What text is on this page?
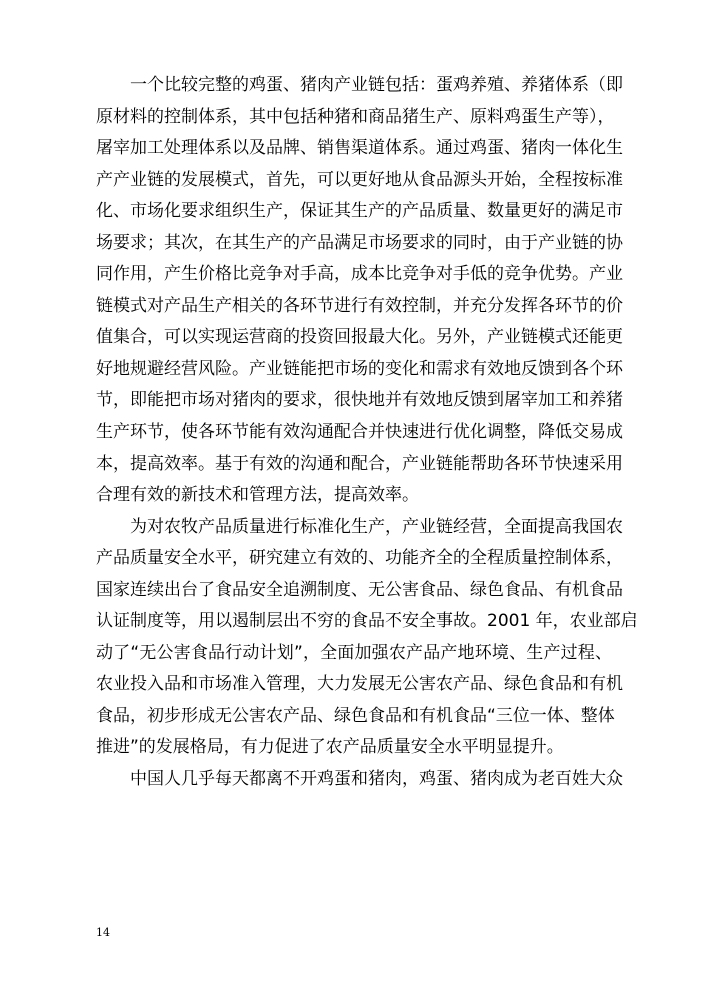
一个比较完整的鸡蛋、猪肉产业链包括：蛋鸡养殖、养猪体系（即
原材料的控制体系，其中包括种猪和商品猪生产、原料鸡蛋生产等），
屠宰加工处理体系以及品牌、销售渠道体系。通过鸡蛋、猪肉一体化生
产产业链的发展模式，首先，可以更好地从食品源头开始，全程按标准
化、市场化要求组织生产，保证其生产的产品质量、数量更好的满足市
场要求；其次，在其生产的产品满足市场要求的同时，由于产业链的协
同作用，产生价格比竞争对手高，成本比竞争对手低的竞争优势。产业
链模式对产品生产相关的各环节进行有效控制，并充分发挥各环节的价
值集合，可以实现运营商的投资回报最大化。另外，产业链模式还能更
好地规避经营风险。产业链能把市场的变化和需求有效地反馈到各个环
节，即能把市场对猪肉的要求，很快地并有效地反馈到屠宰加工和养猪
生产环节，使各环节能有效沟通配合并快速进行优化调整，降低交易成
本，提高效率。基于有效的沟通和配合，产业链能帮助各环节快速采用
合理有效的新技术和管理方法，提高效率。
为对农牧产品质量进行标准化生产，产业链经营，全面提高我国农
产品质量安全水平，研究建立有效的、功能齐全的全程质量控制体系，
国家连续出台了食品安全追溯制度、无公害食品、绿色食品、有机食品
认证制度等，用以遏制层出不穷的食品不安全事故。2001 年，农业部启
动了“无公害食品行动计划”，全面加强农产品产地环境、生产过程、
农业投入品和市场准入管理，大力发展无公害农产品、绿色食品和有机
食品，初步形成无公害农产品、绿色食品和有机食品“三位一体、整体
推进”的发展格局，有力促进了农产品质量安全水平明显提升。
中国人几乎每天都离不开鸡蛋和猪肉，鸡蛋、猪肉成为老百姓大众
14
